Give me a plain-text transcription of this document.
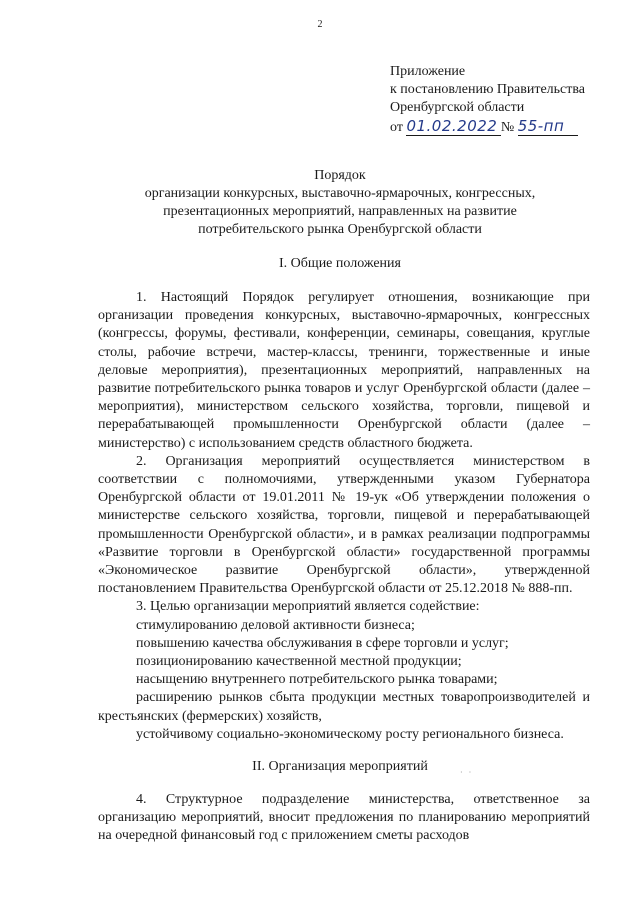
2
Приложение
к постановлению Правительства
Оренбургской области
от 01.02.2022 № 55-пп
Порядок
организации конкурсных, выставочно-ярмарочных, конгрессных,
презентационных мероприятий, направленных на развитие
потребительского рынка Оренбургской области
I. Общие положения

1. Настоящий Порядок регулирует отношения, возникающие при организации проведения конкурсных, выставочно-ярмарочных, конгрессных (конгрессы, форумы, фестивали, конференции, семинары, совещания, круглые столы, рабочие встречи, мастер-классы, тренинги, торжественные и иные деловые мероприятия), презентационных мероприятий, направленных на развитие потребительского рынка товаров и услуг Оренбургской области (далее – мероприятия), министерством сельского хозяйства, торговли, пищевой и перерабатывающей промышленности Оренбургской области (далее – министерство) с использованием средств областного бюджета.

2. Организация мероприятий осуществляется министерством в соответствии с полномочиями, утвержденными указом Губернатора Оренбургской области от 19.01.2011 № 19-ук «Об утверждении положения о министерстве сельского хозяйства, торговли, пищевой и перерабатывающей промышленности Оренбургской области», и в рамках реализации подпрограммы «Развитие торговли в Оренбургской области» государственной программы «Экономическое развитие Оренбургской области», утвержденной постановлением Правительства Оренбургской области от 25.12.2018 № 888-пп.

3. Целью организации мероприятий является содействие:

стимулированию деловой активности бизнеса;

повышению качества обслуживания в сфере торговли и услуг;

позиционированию качественной местной продукции;

насыщению внутреннего потребительского рынка товарами;

расширению рынков сбыта продукции местных товаропроизводителей и крестьянских (фермерских) хозяйств,

устойчивому социально-экономическому росту регионального бизнеса.

· ·
II. Организация мероприятий

4. Структурное подразделение министерства, ответственное за организацию мероприятий, вносит предложения по планированию мероприятий на очередной финансовый год с приложением сметы расходов
